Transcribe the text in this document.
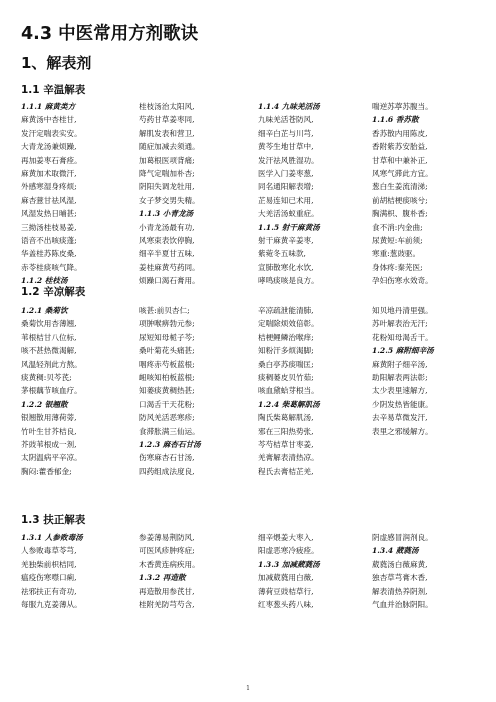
4.3 中医常用方剂歌诀
1、解表剂
1.1 辛温解表
1.1.1 麻黄类方
麻黄汤中杏桂甘,
发汗定喘表实安。
大青龙汤兼烦躁,
再加姜枣石膏痊。
麻黄加术取微汗,
外感寒湿身疼烦;
麻杏薏甘祛风湿,
风湿发热日晡甚;
三拗汤桂枝易姜,
语音不出咳痰蓬;
华盖桂苏陈皮桑,
赤苓桂痰咳气降。
1.1.2 桂枝汤
桂枝汤治太阳风,
芍药甘草姜枣同,
解肌发表和营卫,
随症加减去须通。
加葛根医项背痛;
降气定喘加朴杏;
阴阳失调龙牡用,
女子梦交男失精。
1.1.3 小青龙汤
小青龙汤最有功,
风寒束表饮停胸,
细辛半夏甘五味,
姜桂麻黄芍药同。
烦躁口渴石膏用。
1.1.4 九味羌活汤
九味羌活苍防风,
细辛白芷与川芎,
黄芩生地甘草中,
发汗祛风胜湿功。
医学入门姜枣葱,
同名通阳解表增;
芷易连知已术用,
大羌活汤蚁重症。
1.1.5 射干麻黄汤
射干麻黄辛姜枣,
紫菀冬五味款,
宣肺散寒化水饮,
哮鸣痰咳是良方。
喘逆苏葶苏腹当。
1.1.6 香苏散
香苏散内用陈皮,
香附紫苏安胎益,
甘草和中兼补正,
风寒气滞此方宜。
葱白生姜流清涕;
前胡桔梗痰咳兮;
胸满枳、腹朴香;
食不消:内金曲;
尿黄短:车前须;
寒重:葱豉驱。
身体疼:秦芜医;
孕妇伤寒水效奇。
1.2 辛凉解表
1.2.1 桑菊饮
桑菊饮用杏薄翘,
苇根桔甘八位标,
咳不甚热微渴解,
风温轻剂此方熬。
痰黄稠:贝芩芪;
茅根藕节咳血疗。
1.2.2 银翘散
银翘散用薄荷蒡,
竹叶生甘芥桔良,
芥豉苇根成一剂,
太阴温病平辛凉。
胸闷:藿香郁金;
咳甚:前贝杏仁;
项肿喉痹勃元参;
尿短知母栀子芩;
桑叶菊花头痛甚;
咽疼赤芍板蓝根;
衄咳知柏板蓝根;
知蒌痰黄稠热甚;
口渴舌干天花粉;
防风羌活恶寒疹;
食滞胀满三仙运。
1.2.3 麻杏石甘汤
伤寒麻杏石甘汤,
四药组成法度良,
辛凉疏泄能清肺,
定喘除烦效倍彰。
桔梗鲤鳞治喉痒;
知粉汗多烦渴脚;
桑白亭苏痰喘匡;
痰稠蒌皮贝竹茹;
咳血黛蛤芽根当。
1.2.4 柴葛解肌汤
陶氏柴葛解肌汤,
邪在三阳热势张,
芩芍桔草甘枣姜,
羌膏解表清热凉。
程氏去膏桔芷羌,
知贝地丹清里强。
苏叶解表治无汗;
花粉知母渴舌干。
1.2.5 麻附细辛汤
麻黄附子细辛汤,
助阳解表两法彰;
太少表里速解方,
少阴发热皆能康。
去辛易草微发汗,
表里之邪缓解方。
1.3 扶正解表
1.3.1 人参败毒汤
人参败毒草苓芎,
羌独柴前枳桔同,
瘟疫伤寒噤口痢,
祛邪扶正有奇功,
每服九克姜薄从。
参姜薄易荆防风,
可医风疹肿疼症;
木香黄连病疾用。
1.3.2 再造散
再造散用参芪甘,
桂附羌防芎芍含,
细辛煨姜大枣入,
阳虚恶寒冷疲痊。
1.3.3 加减葳蕤汤
加减葳蕤用白薇,
薄荷豆豉桔草行,
红枣葱头药八味,
阴虚感冒润剂良。
1.3.4 葳蕤汤
葳蕤汤白薇麻黄,
独杏草芎膏木香,
解表清热养阴剂,
气血并治脉阴阳。
1
